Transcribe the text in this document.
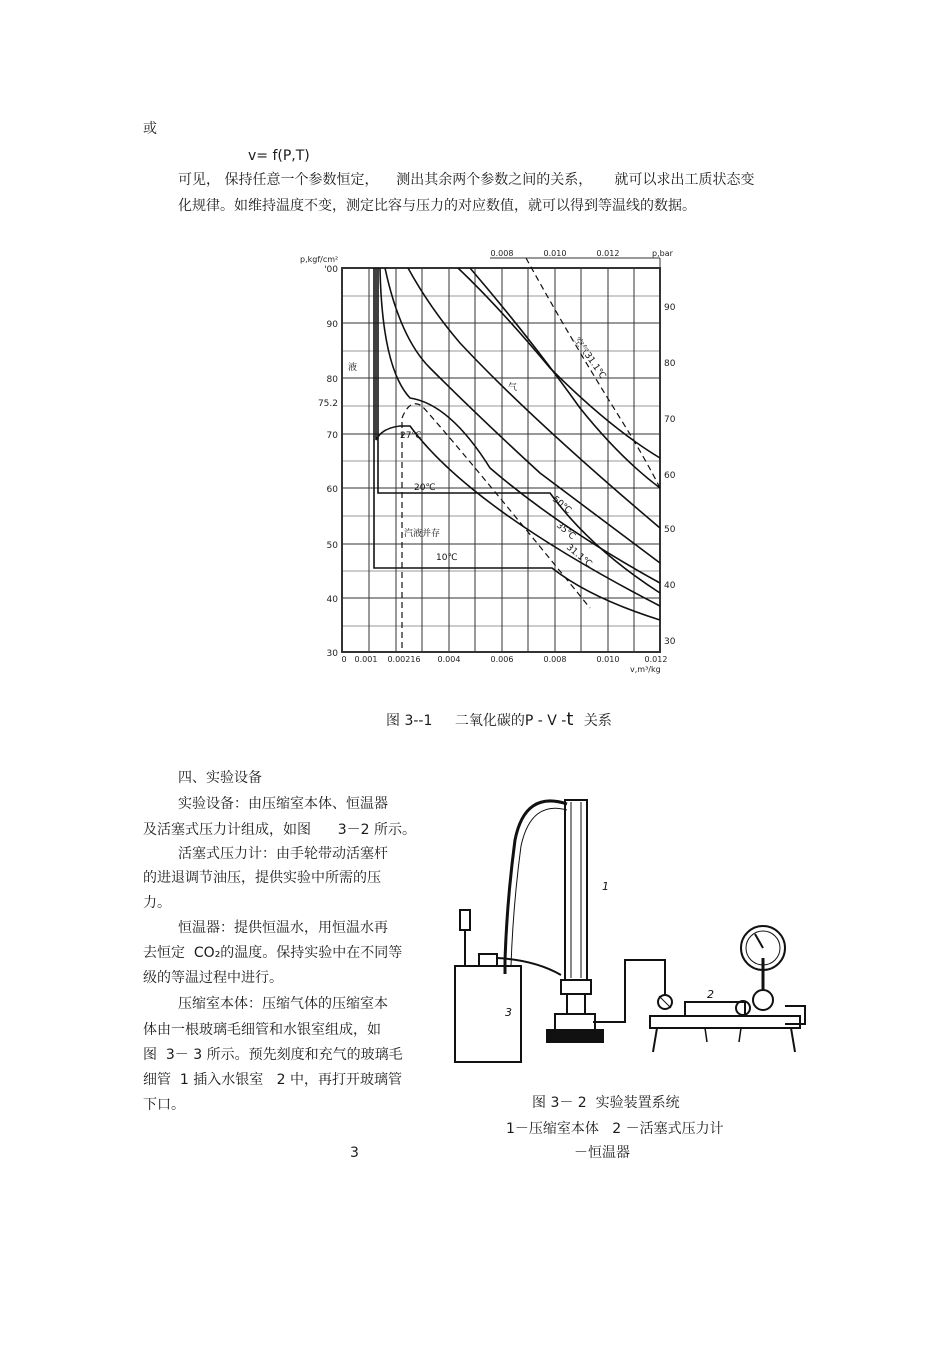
或
v= f(P,T)
可见， 保持任意一个参数恒定，    测出其余两个参数之间的关系，     就可以求出工质状态变
化规律。如维持温度不变，测定比容与压力的对应数值，就可以得到等温线的数据。
'00
90
80
75.2
70
60
50
40
30
90
80
70
60
50
40
30
0.008	0.010	0.012
0 0.001 0.00216 0.004	0.006	0.008	0.010	0.012
p,kgf/cm²
p,bar
v,m³/kg
液
气
27℃
20℃
汽液并存
10℃
50℃
35℃
31.1℃
空气31.1℃
图 3--1 二氧化碳的P - V -t 关系
四、实验设备
实验设备：由压缩室本体、恒温器
及活塞式压力计组成，如图      3－2 所示。
活塞式压力计：由手轮带动活塞杆
的进退调节油压，提供实验中所需的压
力。
恒温器：提供恒温水，用恒温水再
去恒定  CO₂的温度。保持实验中在不同等
级的等温过程中进行。
压缩室本体：压缩气体的压缩室本
体由一根玻璃毛细管和水银室组成，如
图  3－ 3 所示。预先刻度和充气的玻璃毛
细管  1 插入水银室   2 中，再打开玻璃管
下口。
1
2
3
图 3－ 2  实验装置系统
1－压缩室本体   2 －活塞式压力计
－恒温器
3
